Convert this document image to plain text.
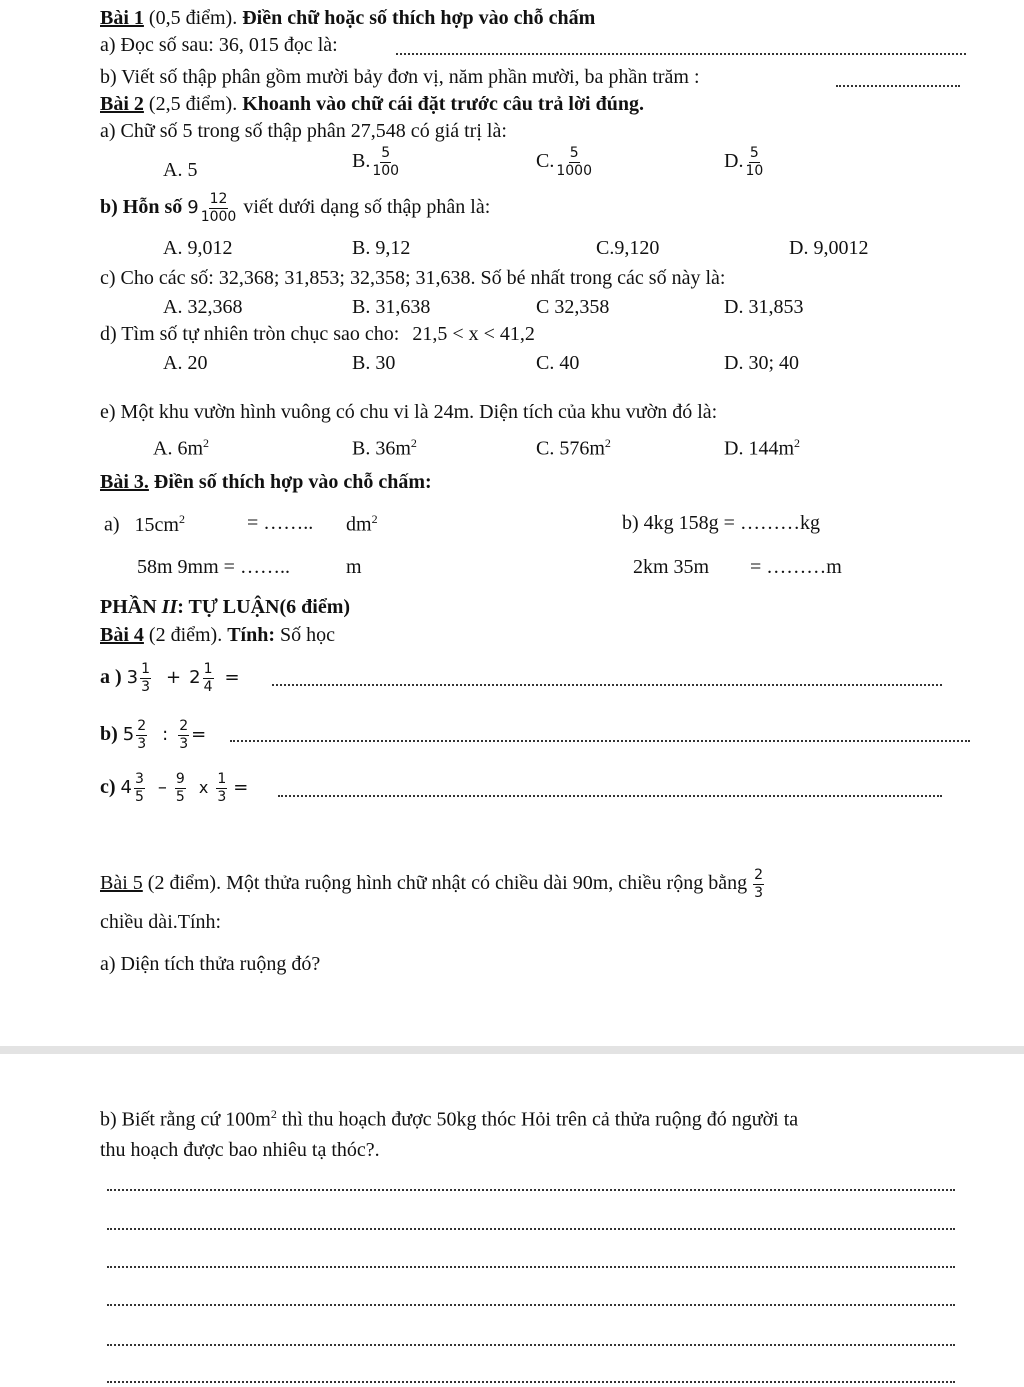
Bài 1 (0,5 điểm). Điền chữ hoặc số thích hợp vào chỗ chấm
a) Đọc số sau: 36, 015 đọc là:
b) Viết số thập phân gồm mười bảy đơn vị, năm phần mười, ba phần trăm :
Bài 2 (2,5 điểm). Khoanh vào chữ cái đặt trước câu trả lời đúng.
a) Chữ số 5 trong số thập phân 27,548 có giá trị là:
A. 5	B. $\frac{5}{100}$	C. $\frac{5}{1000}$	D. $\frac{5}{10}$
b) Hỗn số $9 \frac{12}{1000}$ viết dưới dạng số thập phân là:
A. 9,012	B. 9,12	C.9,120	D. 9,0012
c) Cho các số: 32,368; 31,853; 32,358; 31,638. Số bé nhất trong các số này là:
A. 32,368	B. 31,638	C 32,358	D. 31,853
d) Tìm số tự nhiên tròn chục sao cho: 21,5 < x < 41,2
A. 20	B. 30	C. 40	D. 30; 40
e) Một khu vườn hình vuông có chu vi là 24m. Diện tích của khu vườn đó là:
A. $6m^2$	B. $36m^2$	C. $576m^2$	D. $144m^2$
Bài 3. Điền số thích hợp vào chỗ chấm:
a) $15cm^2$	= …….. $dm^2$	b) 4kg 158g = ………kg
58m 9mm = ……..	m	2km 35m = ………m
PHẦN II: TỰ LUẬN(6 điểm)
Bài 4 (2 điểm). Tính: Số học
a ) $3 \frac{1}{3} + 2 \frac{1}{4}$ =
b) $5 \frac{2}{3}$ : $\frac{2}{3}$ =
c) $4 \frac{3}{5} - \frac{9}{5}$ x $\frac{1}{3}$ =
Bài 5 (2 điểm). Một thửa ruộng hình chữ nhật có chiều dài 90m, chiều rộng bằng $\frac{2}{3}$
chiều dài.Tính:
a) Diện tích thửa ruộng đó?
b) Biết rằng cứ $100m^2$ thì thu hoạch được 50kg thóc Hỏi trên cả thửa ruộng đó người ta
thu hoạch được bao nhiêu tạ thóc?.
